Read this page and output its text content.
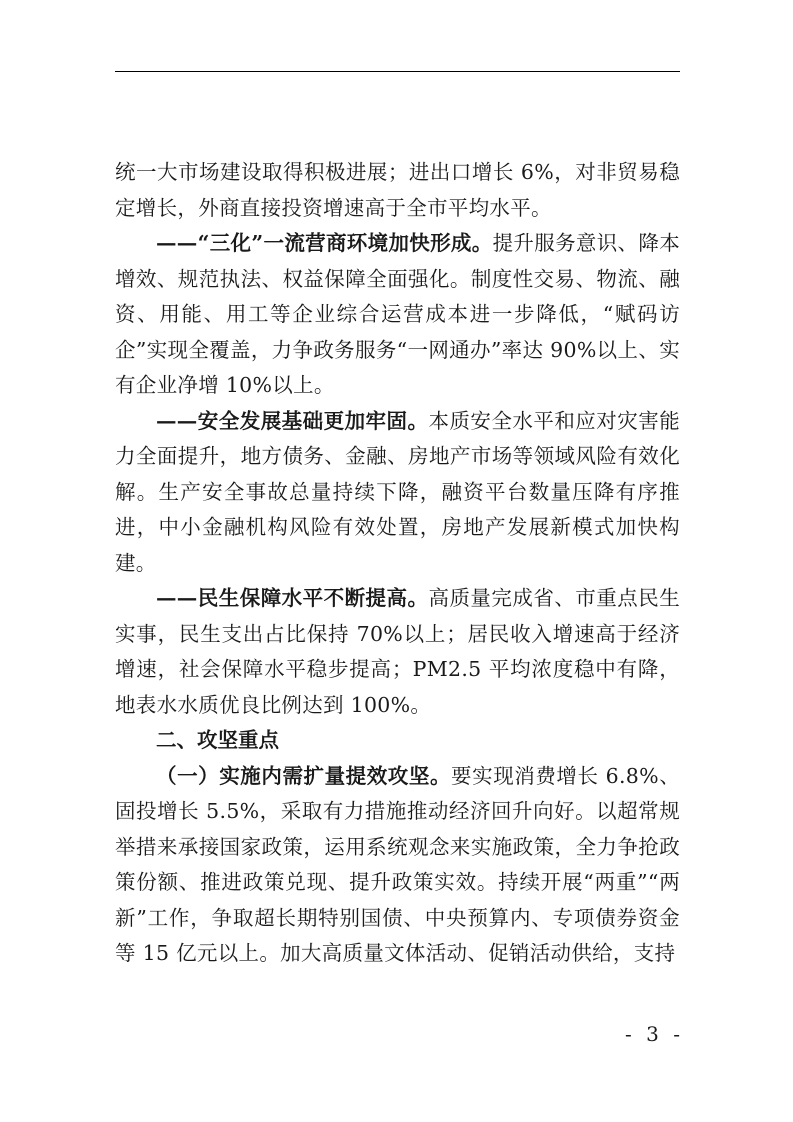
统一大市场建设取得积极进展；进出口增长 6%，对非贸易稳定增长，外商直接投资增速高于全市平均水平。

——“三化”一流营商环境加快形成。提升服务意识、降本增效、规范执法、权益保障全面强化。制度性交易、物流、融资、用能、用工等企业综合运营成本进一步降低，“赋码访企”实现全覆盖，力争政务服务“一网通办”率达 90%以上、实有企业净增 10%以上。

——安全发展基础更加牢固。本质安全水平和应对灾害能力全面提升，地方债务、金融、房地产市场等领域风险有效化解。生产安全事故总量持续下降，融资平台数量压降有序推进，中小金融机构风险有效处置，房地产发展新模式加快构建。

——民生保障水平不断提高。高质量完成省、市重点民生实事，民生支出占比保持 70%以上；居民收入增速高于经济增速，社会保障水平稳步提高；PM2.5 平均浓度稳中有降，地表水水质优良比例达到 100%。

二、攻坚重点

（一）实施内需扩量提效攻坚。要实现消费增长 6.8%、固投增长 5.5%，采取有力措施推动经济回升向好。以超常规举措来承接国家政策，运用系统观念来实施政策，全力争抢政策份额、推进政策兑现、提升政策实效。持续开展“两重”“两新”工作，争取超长期特别国债、中央预算内、专项债券资金等 15 亿元以上。加大高质量文体活动、促销活动供给，支持

- 3 -
